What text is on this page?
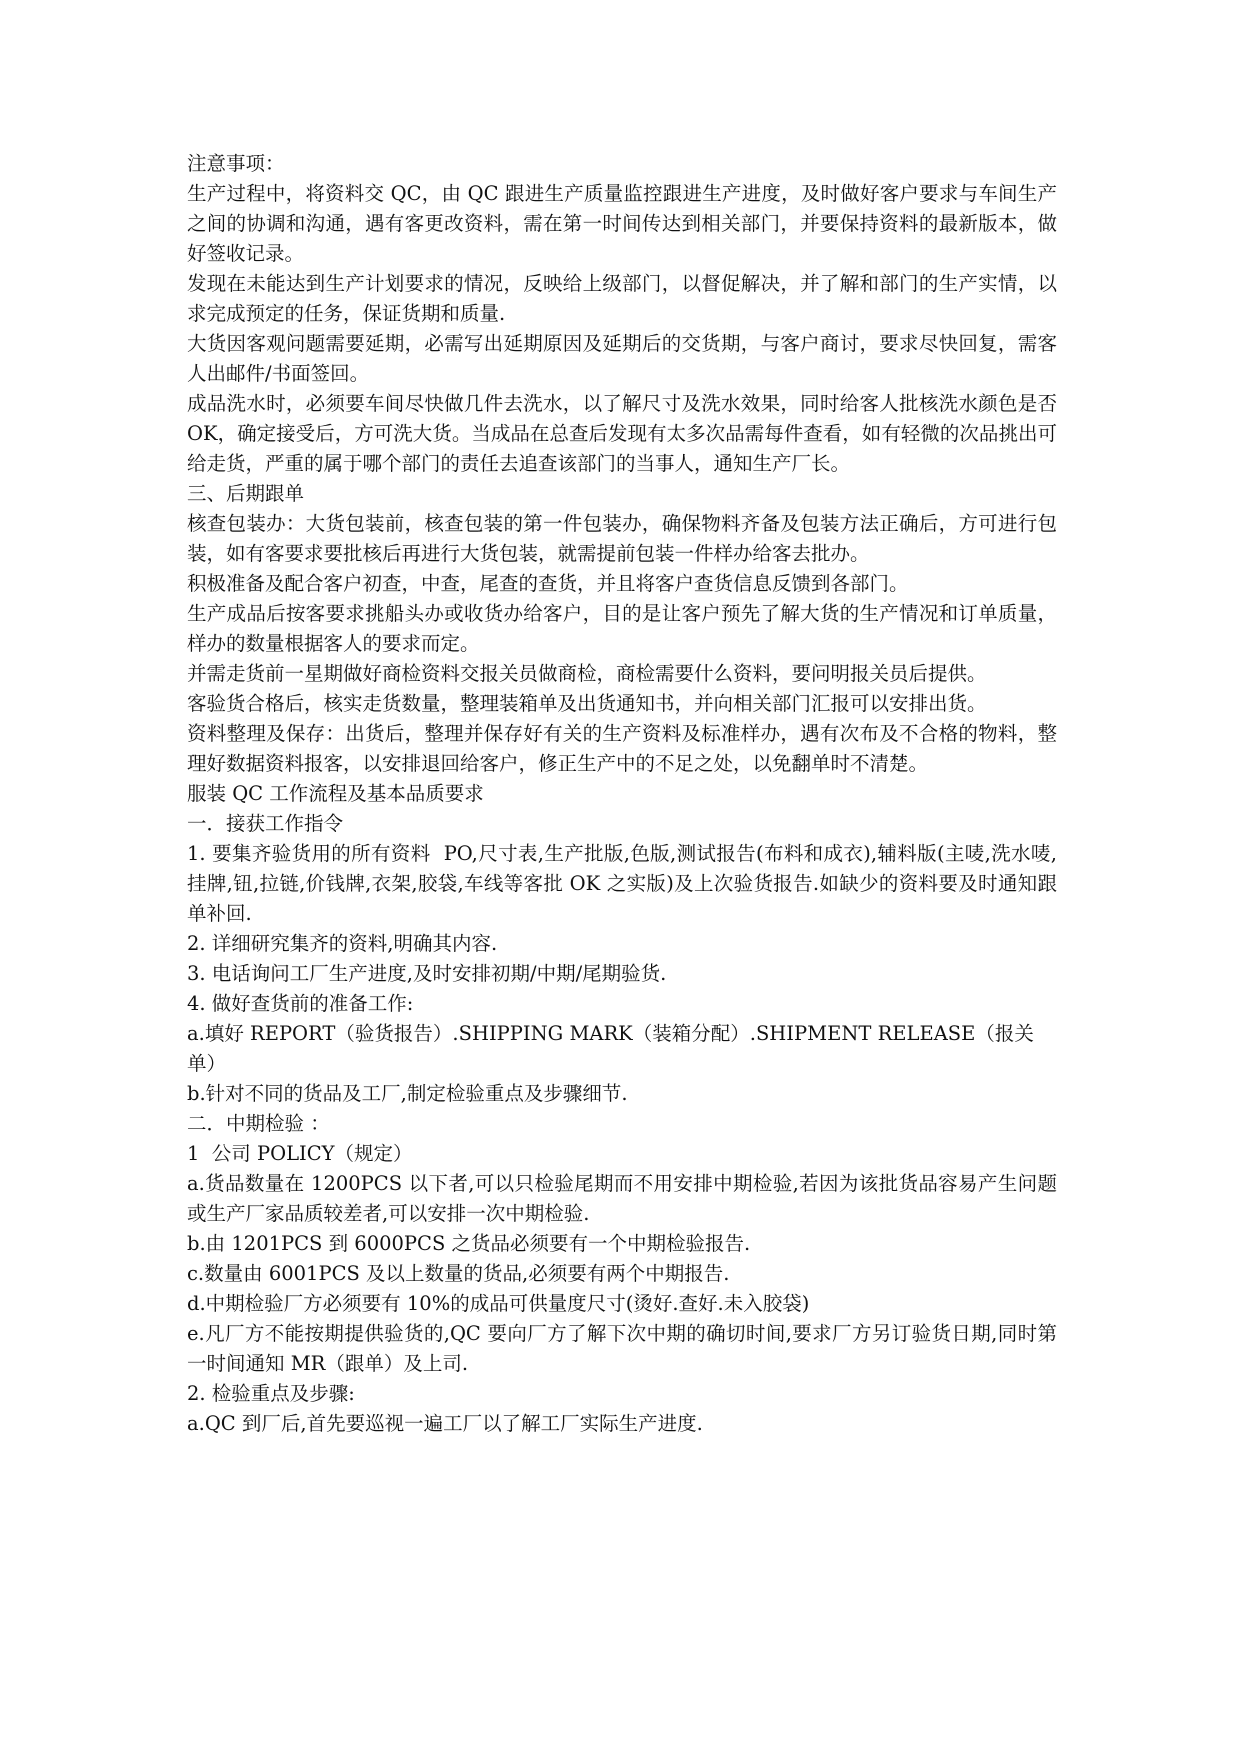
注意事项：

生产过程中，将资料交 QC，由 QC 跟进生产质量监控跟进生产进度，及时做好客户要求与车间生产之间的协调和沟通，遇有客更改资料，需在第一时间传达到相关部门，并要保持资料的最新版本，做好签收记录。

发现在未能达到生产计划要求的情况，反映给上级部门，以督促解决，并了解和部门的生产实情，以求完成预定的任务，保证货期和质量.

大货因客观问题需要延期，必需写出延期原因及延期后的交货期，与客户商讨，要求尽快回复，需客人出邮件/书面签回。

成品洗水时，必须要车间尽快做几件去洗水，以了解尺寸及洗水效果，同时给客人批核洗水颜色是否 OK，确定接受后，方可洗大货。当成品在总查后发现有太多次品需每件查看，如有轻微的次品挑出可给走货，严重的属于哪个部门的责任去追查该部门的当事人，通知生产厂长。

三、后期跟单

核查包装办：大货包装前，核查包装的第一件包装办，确保物料齐备及包装方法正确后，方可进行包装，如有客要求要批核后再进行大货包装，就需提前包装一件样办给客去批办。

积极准备及配合客户初查，中查，尾查的查货，并且将客户查货信息反馈到各部门。

生产成品后按客要求挑船头办或收货办给客户，目的是让客户预先了解大货的生产情况和订单质量，样办的数量根据客人的要求而定。

并需走货前一星期做好商检资料交报关员做商检，商检需要什么资料，要问明报关员后提供。

客验货合格后，核实走货数量，整理装箱单及出货通知书，并向相关部门汇报可以安排出货。

资料整理及保存：出货后，整理并保存好有关的生产资料及标准样办，遇有次布及不合格的物料，整理好数据资料报客，以安排退回给客户，修正生产中的不足之处，以免翻单时不清楚。

服装 QC 工作流程及基本品质要求

一．接获工作指令

1. 要集齐验货用的所有资料  PO,尺寸表,生产批版,色版,测试报告(布料和成衣),辅料版(主唛,洗水唛,挂牌,钮,拉链,价钱牌,衣架,胶袋,车线等客批 OK 之实版)及上次验货报告.如缺少的资料要及时通知跟单补回.

2. 详细研究集齐的资料,明确其内容.

3. 电话询问工厂生产进度,及时安排初期/中期/尾期验货.

4. 做好查货前的准备工作:

a.填好 REPORT（验货报告）.SHIPPING MARK（装箱分配）.SHIPMENT RELEASE（报关单）

b.针对不同的货品及工厂,制定检验重点及步骤细节.

二．中期检验 ：

1  公司 POLICY（规定）

a.货品数量在 1200PCS 以下者,可以只检验尾期而不用安排中期检验,若因为该批货品容易产生问题或生产厂家品质较差者,可以安排一次中期检验.

b.由 1201PCS 到 6000PCS 之货品必须要有一个中期检验报告.

c.数量由 6001PCS 及以上数量的货品,必须要有两个中期报告.

d.中期检验厂方必须要有 10%的成品可供量度尺寸(烫好.查好.未入胶袋)

e.凡厂方不能按期提供验货的,QC 要向厂方了解下次中期的确切时间,要求厂方另订验货日期,同时第一时间通知 MR（跟单）及上司.

2. 检验重点及步骤:

a.QC 到厂后,首先要巡视一遍工厂以了解工厂实际生产进度.
